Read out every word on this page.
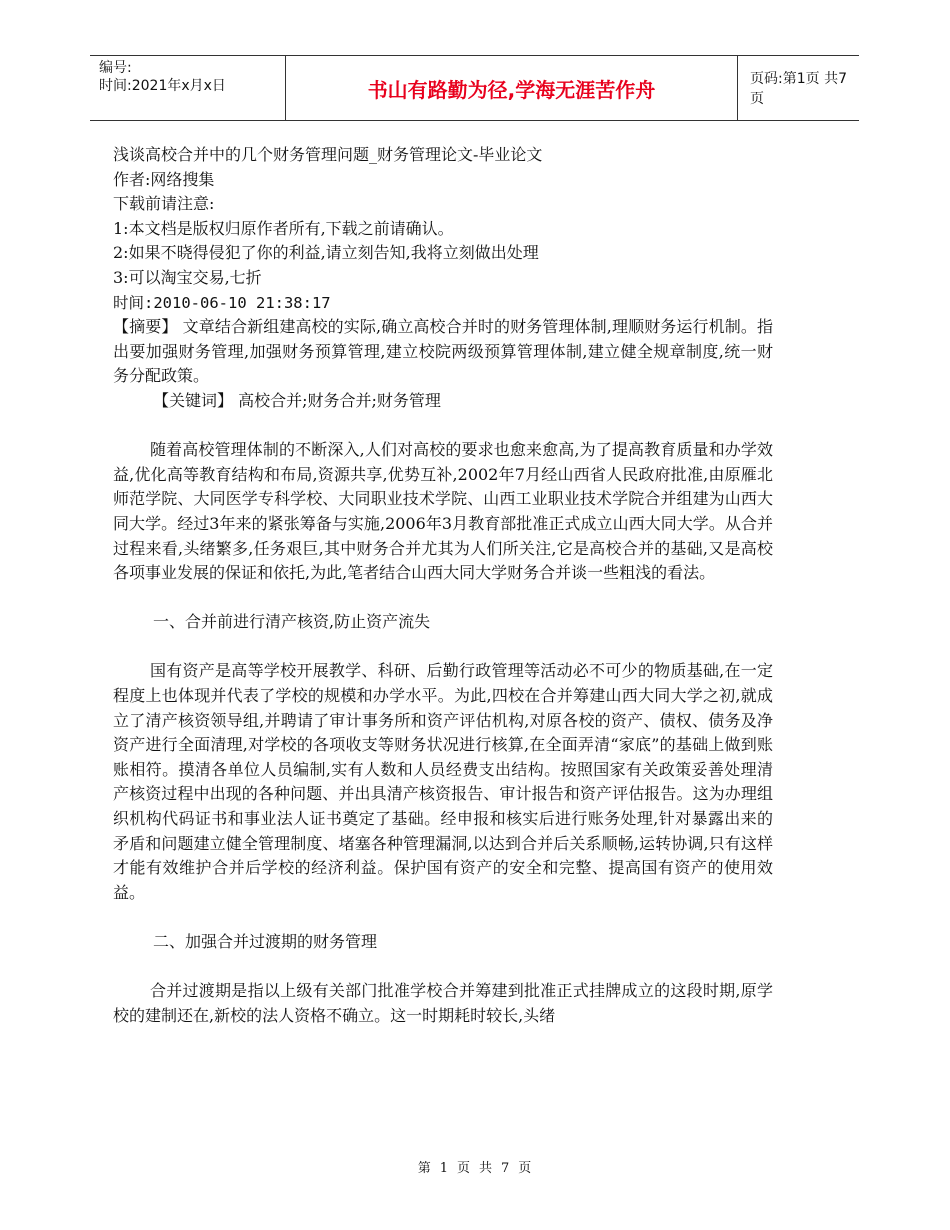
编号:
时间:2021年x月x日	书山有路勤为径,学海无涯苦作舟	页码:第1页 共7页

浅谈高校合并中的几个财务管理问题_财务管理论文-毕业论文

作者:网络搜集

下载前请注意:

1:本文档是版权归原作者所有,下载之前请确认。

2:如果不晓得侵犯了你的利益,请立刻告知,我将立刻做出处理

3:可以淘宝交易,七折

时间:2010-06-10 21:38:17

【摘要】 文章结合新组建高校的实际,确立高校合并时的财务管理体制,理顺财务运行机制。指出要加强财务管理,加强财务预算管理,建立校院两级预算管理体制,建立健全规章制度,统一财务分配政策。

【关键词】 高校合并;财务合并;财务管理

随着高校管理体制的不断深入,人们对高校的要求也愈来愈高,为了提高教育质量和办学效益,优化高等教育结构和布局,资源共享,优势互补,2002年7月经山西省人民政府批准,由原雁北师范学院、大同医学专科学校、大同职业技术学院、山西工业职业技术学院合并组建为山西大同大学。经过3年来的紧张筹备与实施,2006年3月教育部批准正式成立山西大同大学。从合并过程来看,头绪繁多,任务艰巨,其中财务合并尤其为人们所关注,它是高校合并的基础,又是高校各项事业发展的保证和依托,为此,笔者结合山西大同大学财务合并谈一些粗浅的看法。

一、合并前进行清产核资,防止资产流失

国有资产是高等学校开展教学、科研、后勤行政管理等活动必不可少的物质基础,在一定程度上也体现并代表了学校的规模和办学水平。为此,四校在合并筹建山西大同大学之初,就成立了清产核资领导组,并聘请了审计事务所和资产评估机构,对原各校的资产、债权、债务及净资产进行全面清理,对学校的各项收支等财务状况进行核算,在全面弄清“家底”的基础上做到账账相符。摸清各单位人员编制,实有人数和人员经费支出结构。按照国家有关政策妥善处理清产核资过程中出现的各种问题、并出具清产核资报告、审计报告和资产评估报告。这为办理组织机构代码证书和事业法人证书奠定了基础。经申报和核实后进行账务处理,针对暴露出来的矛盾和问题建立健全管理制度、堵塞各种管理漏洞,以达到合并后关系顺畅,运转协调,只有这样才能有效维护合并后学校的经济利益。保护国有资产的安全和完整、提高国有资产的使用效益。

二、加强合并过渡期的财务管理

合并过渡期是指以上级有关部门批准学校合并筹建到批准正式挂牌成立的这段时期,原学校的建制还在,新校的法人资格不确立。这一时期耗时较长,头绪

第 1 页 共 7 页
